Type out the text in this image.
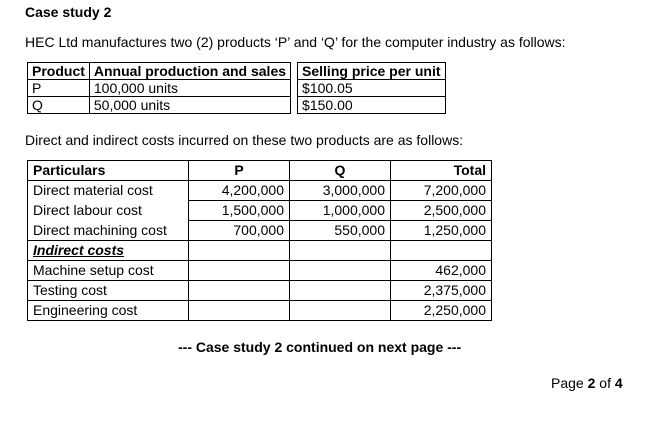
Case study 2
HEC Ltd manufactures two (2) products ‘P’ and ‘Q’ for the computer industry as follows:
Product	Annual production and sales		Selling price per unit
P	100,000 units		$100.05
Q	50,000 units		$150.00
Direct and indirect costs incurred on these two products are as follows:
Particulars	P	Q	Total
Direct material cost	4,200,000	3,000,000	7,200,000
Direct labour cost	1,500,000	1,000,000	2,500,000
Direct machining cost	700,000	550,000	1,250,000
Indirect costs			
Machine setup cost			462,000
Testing cost			2,375,000
Engineering cost			2,250,000
--- Case study 2 continued on next page ---
Page 2 of 4
